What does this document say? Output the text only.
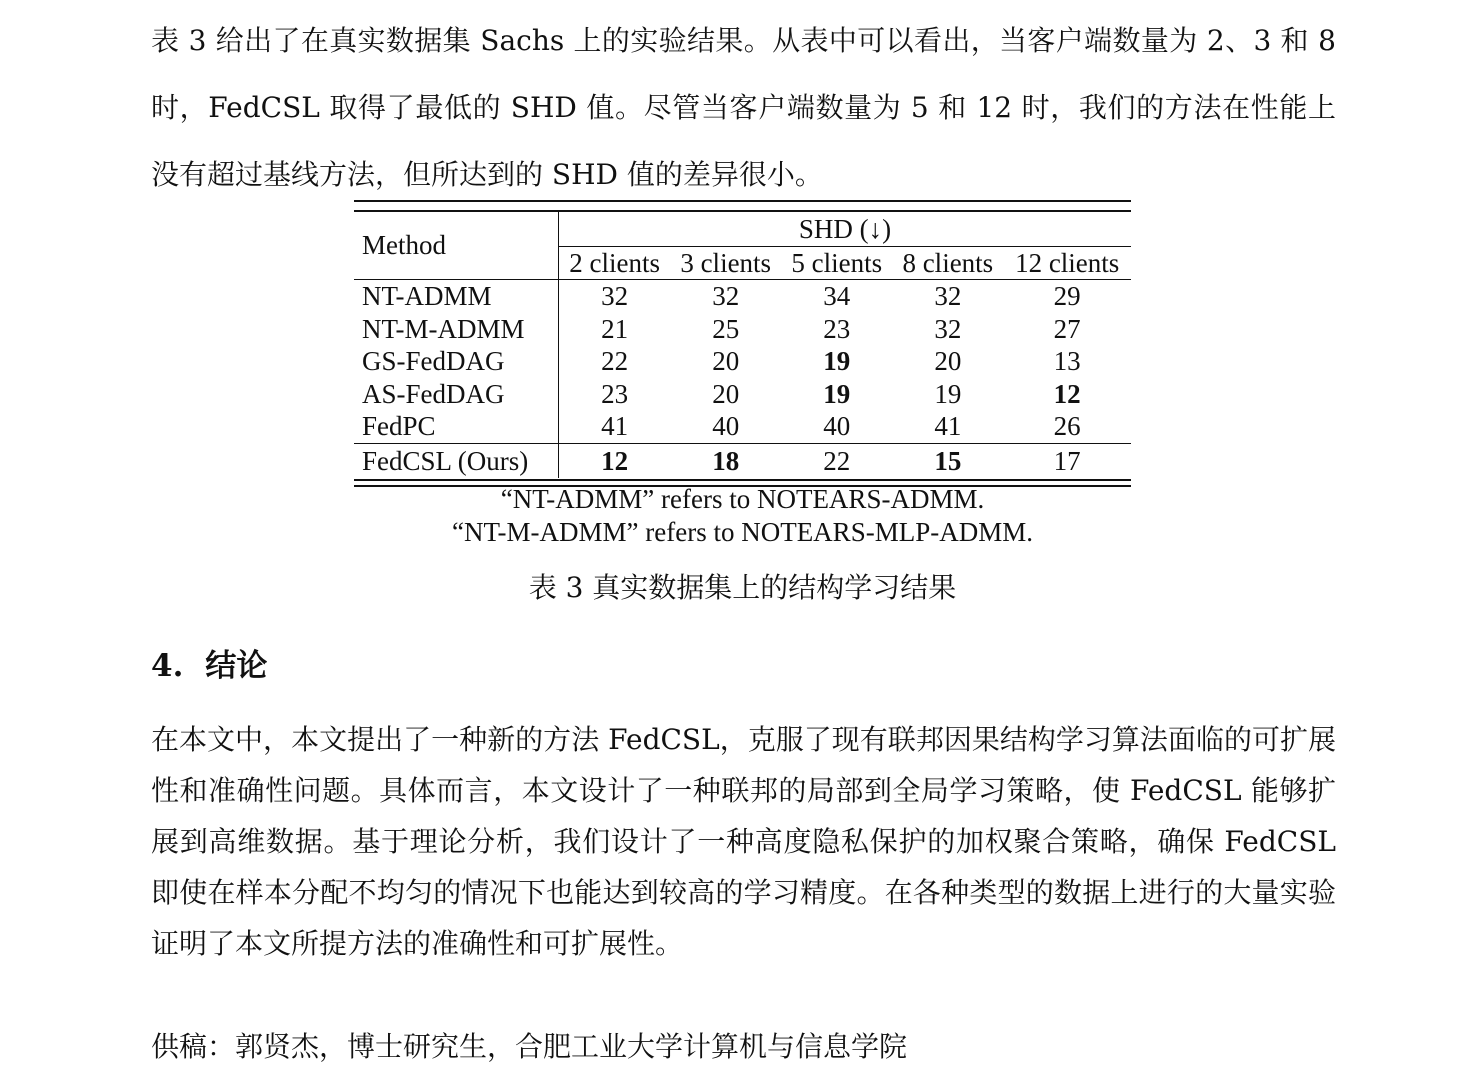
表 3 给出了在真实数据集 Sachs 上的实验结果。从表中可以看出，当客户端数量为 2、3 和 8 时，FedCSL 取得了最低的 SHD 值。尽管当客户端数量为 5 和 12 时，我们的方法在性能上没有超过基线方法，但所达到的 SHD 值的差异很小。

Method	SHD (↓)				
	2 clients	3 clients	5 clients	8 clients	12 clients
NT-ADMM	32	32	34	32	29
NT-M-ADMM	21	25	23	32	27
GS-FedDAG	22	20	19	20	13
AS-FedDAG	23	20	19	19	12
FedPC	41	40	40	41	26
FedCSL (Ours)	12	18	22	15	17
“NT-ADMM” refers to NOTEARS-ADMM.
“NT-M-ADMM” refers to NOTEARS-MLP-ADMM.
表 3 真实数据集上的结构学习结果
4. 结论

在本文中，本文提出了一种新的方法 FedCSL，克服了现有联邦因果结构学习算法面临的可扩展性和准确性问题。具体而言，本文设计了一种联邦的局部到全局学习策略，使 FedCSL 能够扩展到高维数据。基于理论分析，我们设计了一种高度隐私保护的加权聚合策略，确保 FedCSL 即使在样本分配不均匀的情况下也能达到较高的学习精度。在各种类型的数据上进行的大量实验证明了本文所提方法的准确性和可扩展性。

供稿：郭贤杰，博士研究生，合肥工业大学计算机与信息学院
